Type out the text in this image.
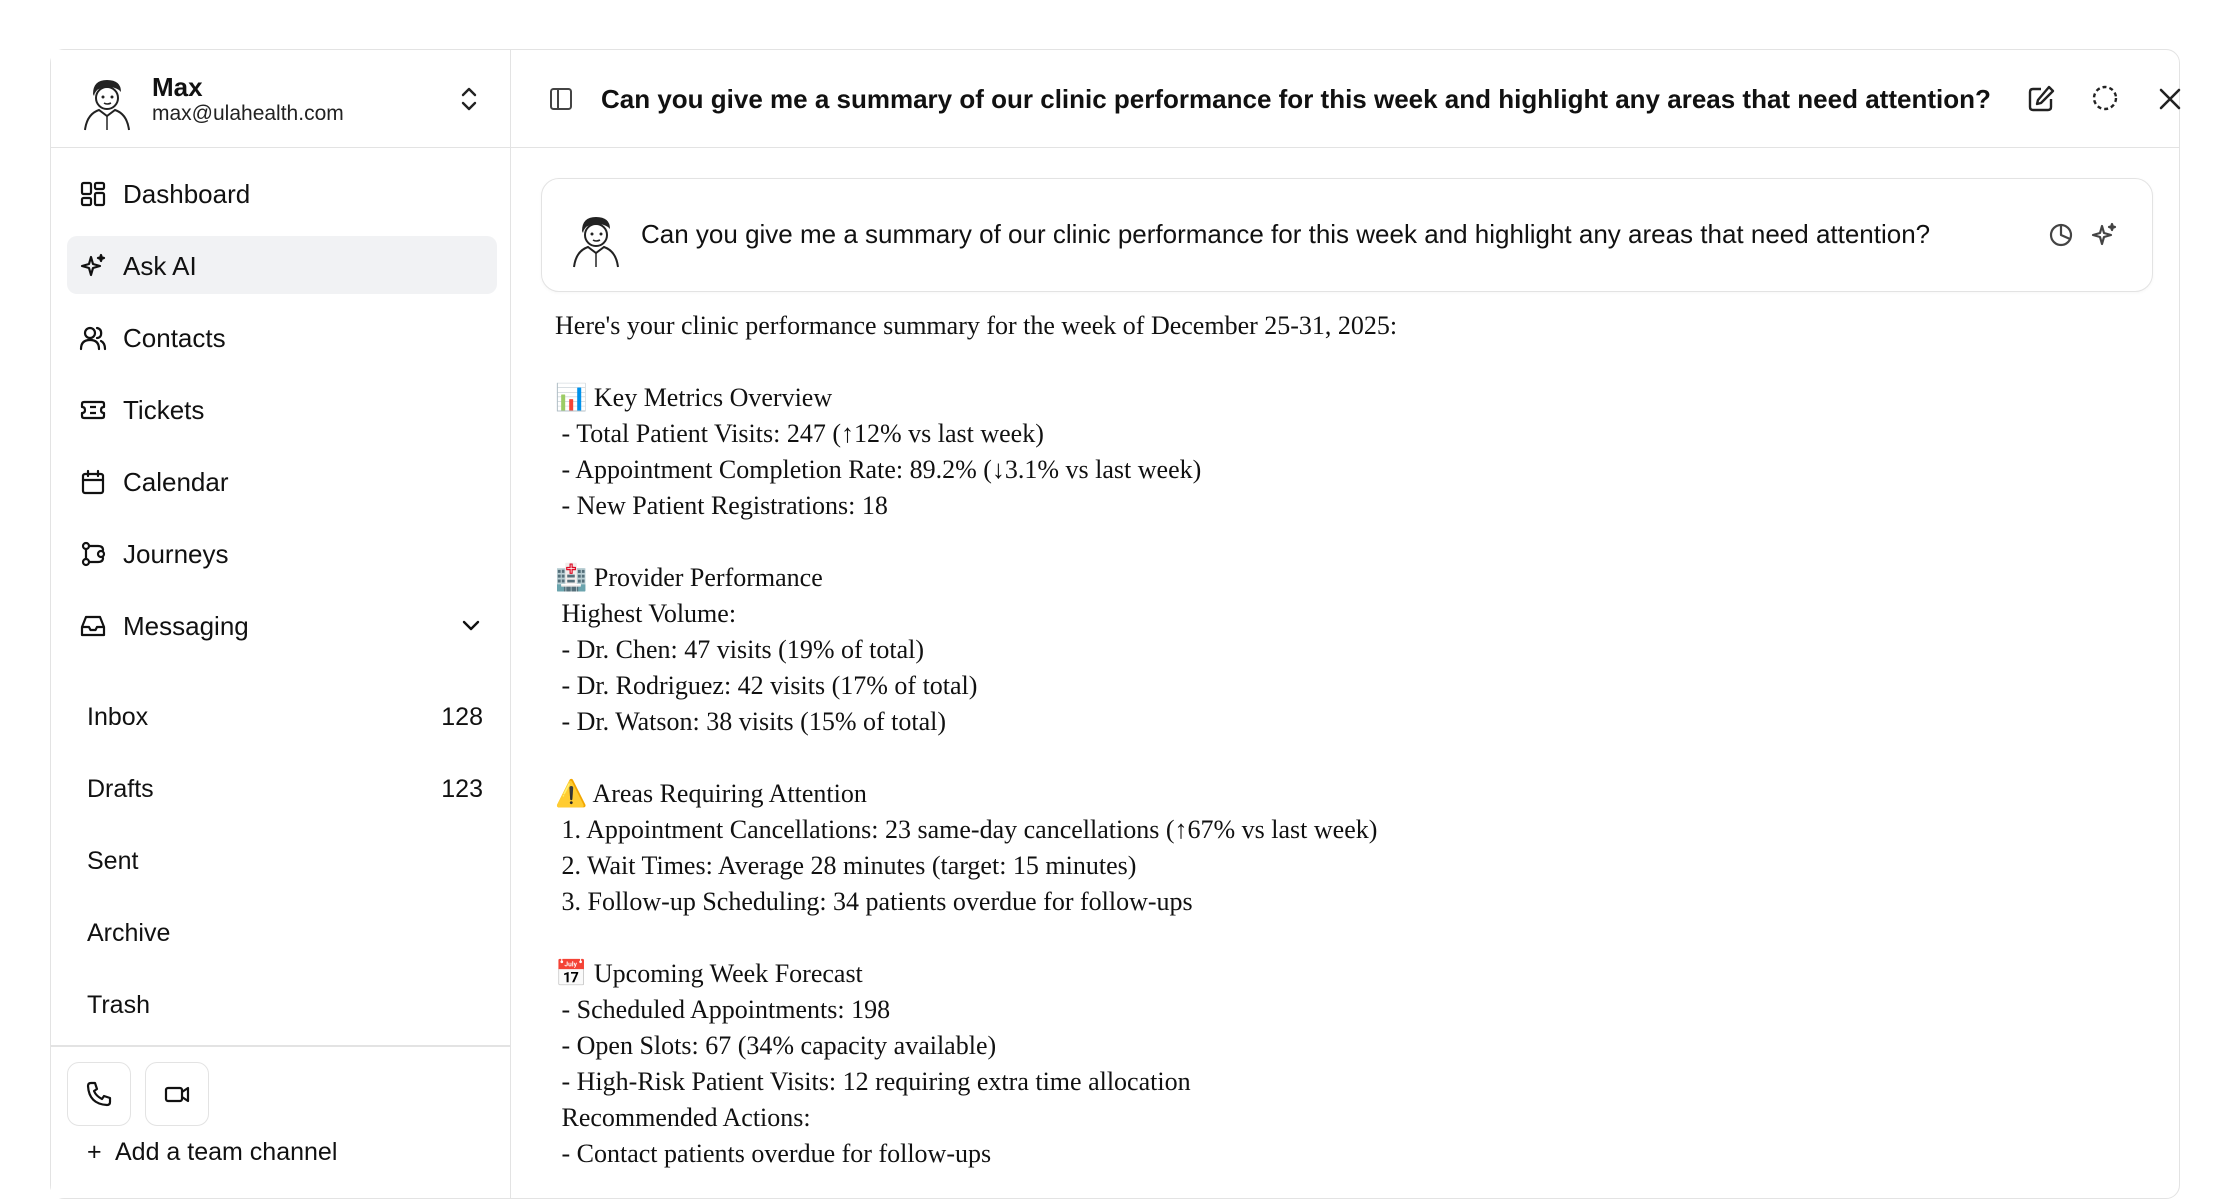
Max
max@ulahealth.com
Dashboard
Ask AI
Contacts
Tickets
Calendar
Journeys
Messaging
Inbox	128
Drafts	123
Sent
Archive
Trash
+ Add a team channel
Can you give me a summary of our clinic performance for this week and highlight any areas that need attention?
Can you give me a summary of our clinic performance for this week and highlight any areas that need attention?
Here's your clinic performance summary for the week of December 25-31, 2025:

📊 Key Metrics Overview
- Total Patient Visits: 247 (↑12% vs last week)
- Appointment Completion Rate: 89.2% (↓3.1% vs last week)
- New Patient Registrations: 18

🏥 Provider Performance
Highest Volume:
- Dr. Chen: 47 visits (19% of total)
- Dr. Rodriguez: 42 visits (17% of total)
- Dr. Watson: 38 visits (15% of total)

⚠️ Areas Requiring Attention
1. Appointment Cancellations: 23 same-day cancellations (↑67% vs last week)
2. Wait Times: Average 28 minutes (target: 15 minutes)
3. Follow-up Scheduling: 34 patients overdue for follow-ups

📅 Upcoming Week Forecast
- Scheduled Appointments: 198
- Open Slots: 67 (34% capacity available)
- High-Risk Patient Visits: 12 requiring extra time allocation
Recommended Actions:
- Contact patients overdue for follow-ups
